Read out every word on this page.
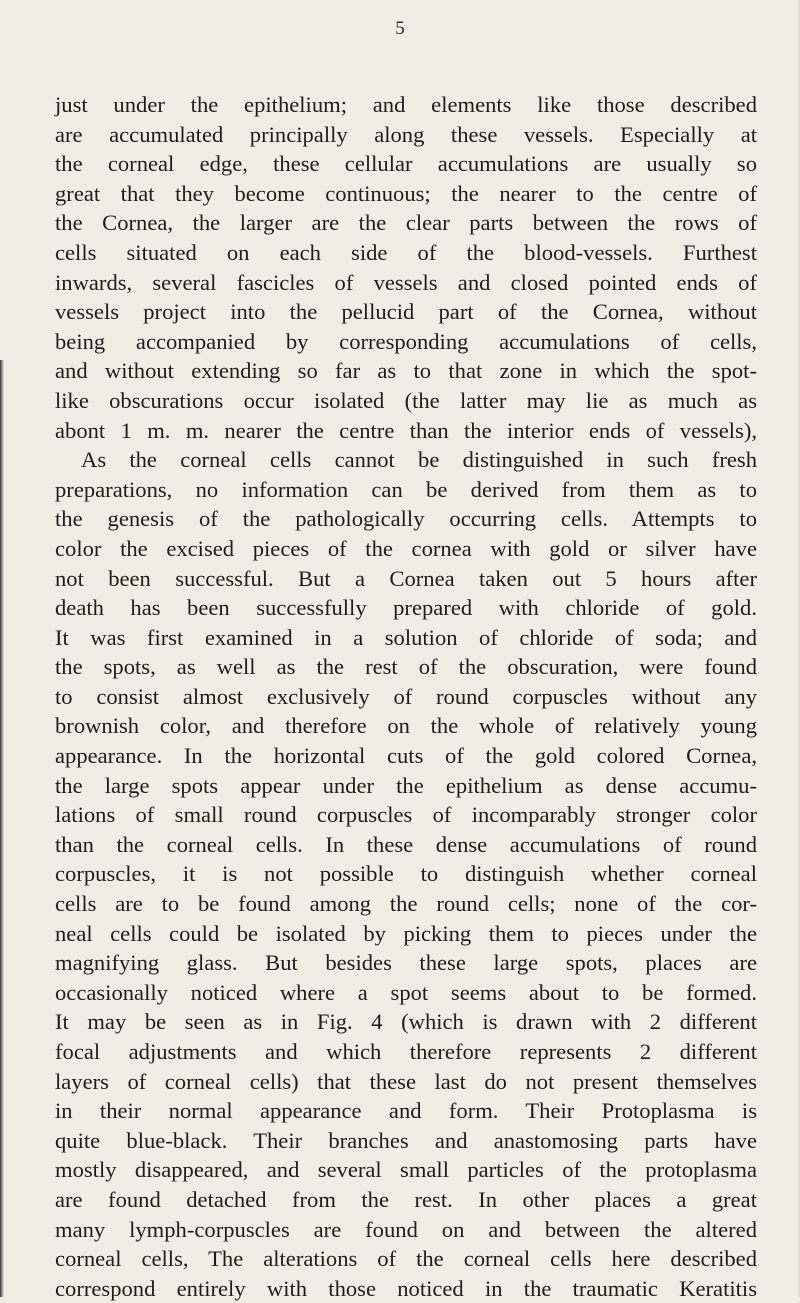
5
just under the epithelium; and elements like those described
are accumulated principally along these vessels. Especially at
the corneal edge, these cellular accumulations are usually so
great that they become continuous; the nearer to the centre of
the Cornea, the larger are the clear parts between the rows of
cells situated on each side of the blood-vessels. Furthest
inwards, several fascicles of vessels and closed pointed ends of
vessels project into the pellucid part of the Cornea, without
being accompanied by corresponding accumulations of cells,
and without extending so far as to that zone in which the spot-
like obscurations occur isolated (the latter may lie as much as
abont 1 m. m. nearer the centre than the interior ends of vessels),
As the corneal cells cannot be distinguished in such fresh
preparations, no information can be derived from them as to
the genesis of the pathologically occurring cells. Attempts to
color the excised pieces of the cornea with gold or silver have
not been successful. But a Cornea taken out 5 hours after
death has been successfully prepared with chloride of gold.
It was first examined in a solution of chloride of soda; and
the spots, as well as the rest of the obscuration, were found
to consist almost exclusively of round corpuscles without any
brownish color, and therefore on the whole of relatively young
appearance. In the horizontal cuts of the gold colored Cornea,
the large spots appear under the epithelium as dense accumu-
lations of small round corpuscles of incomparably stronger color
than the corneal cells. In these dense accumulations of round
corpuscles, it is not possible to distinguish whether corneal
cells are to be found among the round cells; none of the cor-
neal cells could be isolated by picking them to pieces under the
magnifying glass. But besides these large spots, places are
occasionally noticed where a spot seems about to be formed.
It may be seen as in Fig. 4 (which is drawn with 2 different
focal adjustments and which therefore represents 2 different
layers of corneal cells) that these last do not present themselves
in their normal appearance and form. Their Protoplasma is
quite blue-black. Their branches and anastomosing parts have
mostly disappeared, and several small particles of the protoplasma
are found detached from the rest. In other places a great
many lymph-corpuscles are found on and between the altered
corneal cells, The alterations of the corneal cells here described
correspond entirely with those noticed in the traumatic Keratitis
